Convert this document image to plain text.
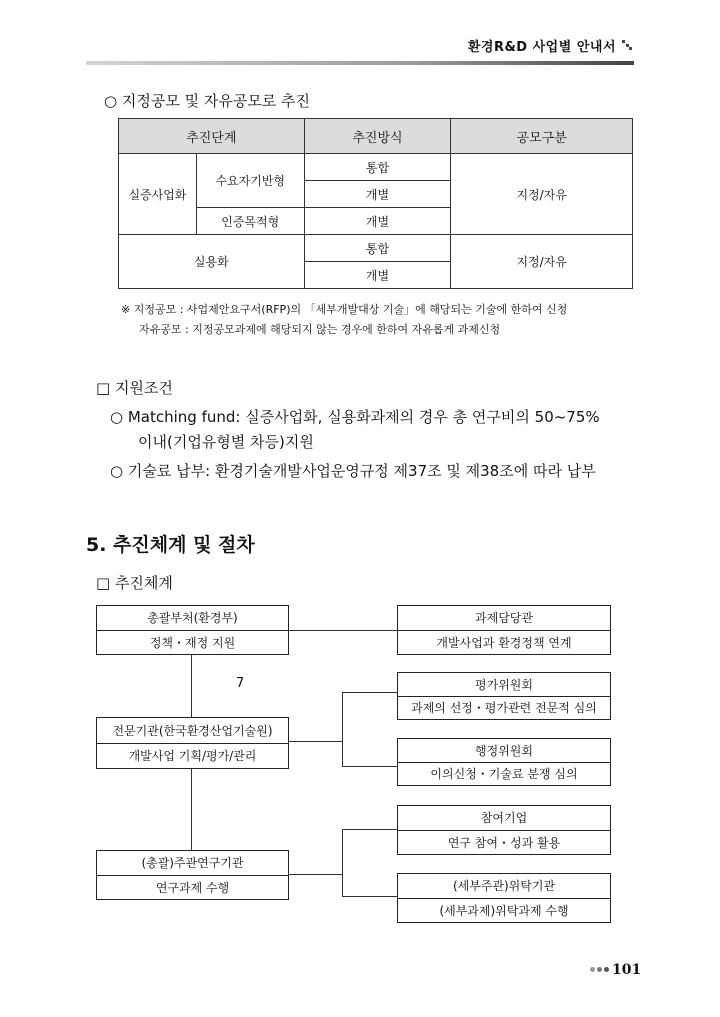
환경R&D 사업별 안내서
○ 지정공모 및 자유공모로 추진
추진단계		추진방식	공모구분
실증사업화	수요자기반형	통합	지정/자유
		개별	
	인증목적형	개별	
실용화		통합	지정/자유
		개별	
※ 지정공모 : 사업제안요구서(RFP)의 「세부개발대상 기술」에 해당되는 기술에 한하여 신청
자유공모 : 지정공모과제에 해당되지 않는 경우에 한하여 자유롭게 과제신청
□ 지원조건
○ Matching fund: 실증사업화, 실용화과제의 경우 총 연구비의 50~75%
이내(기업유형별 차등)지원
○ 기술료 납부: 환경기술개발사업운영규정 제37조 및 제38조에 따라 납부
5. 추진체계 및 절차
□ 추진체계
총괄부처(환경부)
정책・재정 지원
과제담당관
개발사업과 환경정책 연계
7	평가위원회
과제의 선정・평가관련 전문적 심의
전문기관(한국환경산업기술원)
개발사업 기획/평가/관리	행정위원회
이의신청・기술료 분쟁 심의
참여기업
연구 참여・성과 활용
(총괄)주관연구기관
연구과제 수행	(세부주관)위탁기관
(세부과제)위탁과제 수행
101
